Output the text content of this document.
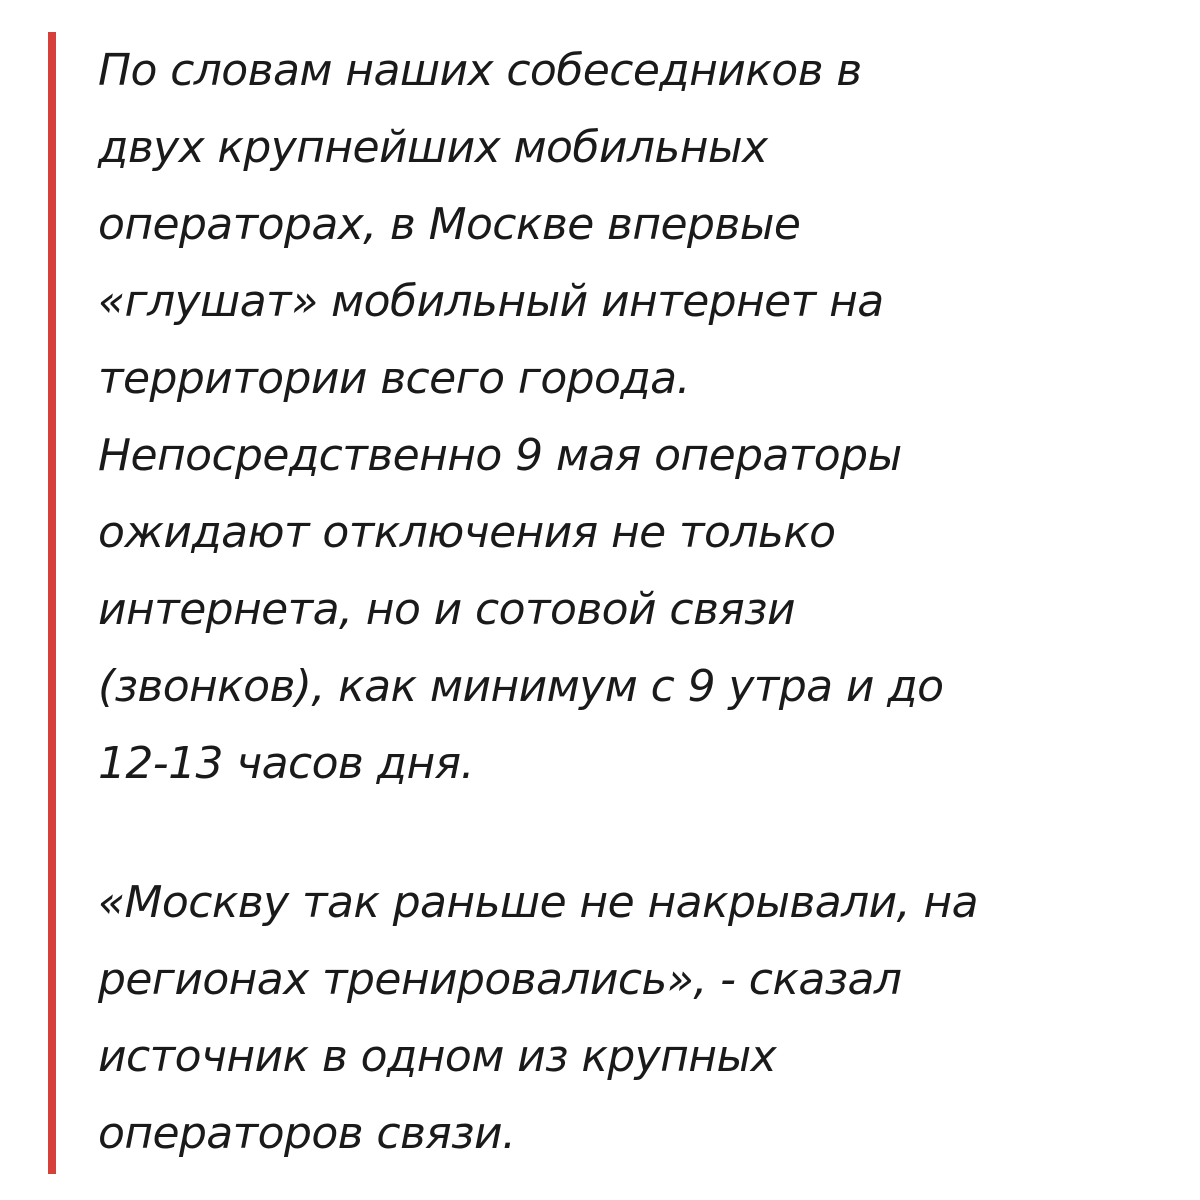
По словам наших собеседников в
двух крупнейших мобильных
операторах, в Москве впервые
«глушат» мобильный интернет на
территории всего города.
Непосредственно 9 мая операторы
ожидают отключения не только
интернета, но и сотовой связи
(звонков), как минимум с 9 утра и до
12-13 часов дня.

«Москву так раньше не накрывали, на
регионах тренировались», - сказал
источник в одном из крупных
операторов связи.
